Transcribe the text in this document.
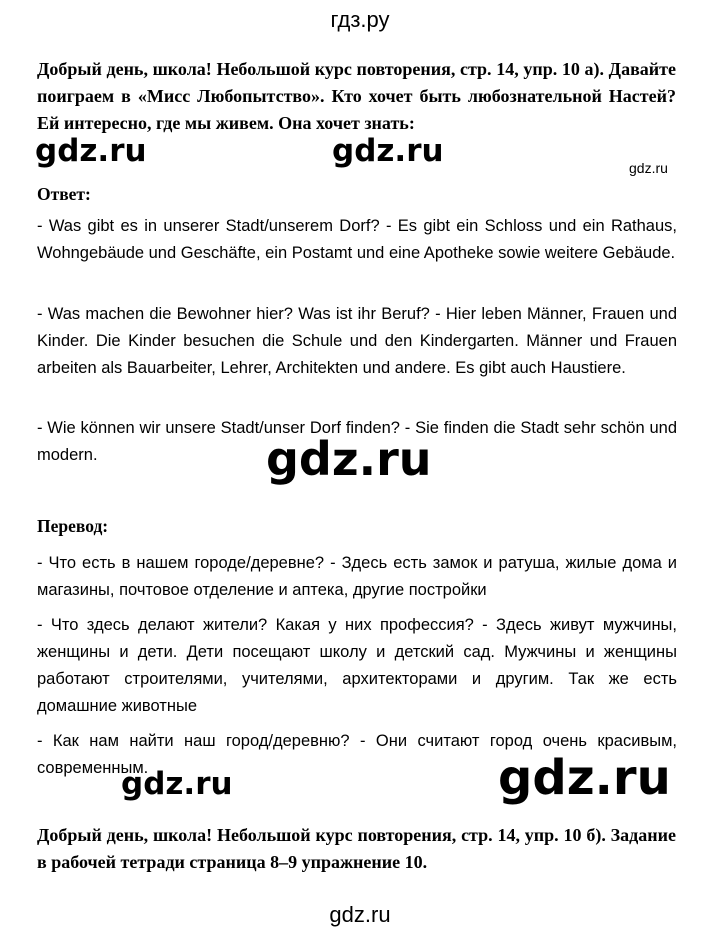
гдз.ру

Добрый день, школа! Небольшой курс повторения, стр. 14, упр. 10 а). Давайте поиграем в «Мисс Любопытство». Кто хочет быть любознательной Настей? Ей интересно, где мы живем. Она хочет знать:

gdz.ru	gdz.ru	gdz.ru
Ответ:

- Was gibt es in unserer Stadt/unserem Dorf? - Es gibt ein Schloss und ein Rathaus, Wohngebäude und Geschäfte, ein Postamt und eine Apotheke sowie weitere Gebäude.

- Was machen die Bewohner hier? Was ist ihr Beruf? - Hier leben Männer, Frauen und Kinder. Die Kinder besuchen die Schule und den Kindergarten. Männer und Frauen arbeiten als Bauarbeiter, Lehrer, Architekten und andere. Es gibt auch Haustiere.

- Wie können wir unsere Stadt/unser Dorf finden? - Sie finden die Stadt sehr schön und modern.	gdz.ru
Перевод:

- Что есть в нашем городе/деревне? - Здесь есть замок и ратуша, жилые дома и магазины, почтовое отделение и аптека, другие постройки

- Что здесь делают жители? Какая у них профессия? - Здесь живут мужчины, женщины и дети. Дети посещают школу и детский сад. Мужчины и женщины работают строителями, учителями, архитекторами и другим. Так же есть домашние животные

- Как нам найти наш город/деревню? - Они считают город очень красивым, современным.

gdz.ru	gdz.ru

Добрый день, школа! Небольшой курс повторения, стр. 14, упр. 10 б). Задание в рабочей тетради страница 8–9 упражнение 10.

gdz.ru
